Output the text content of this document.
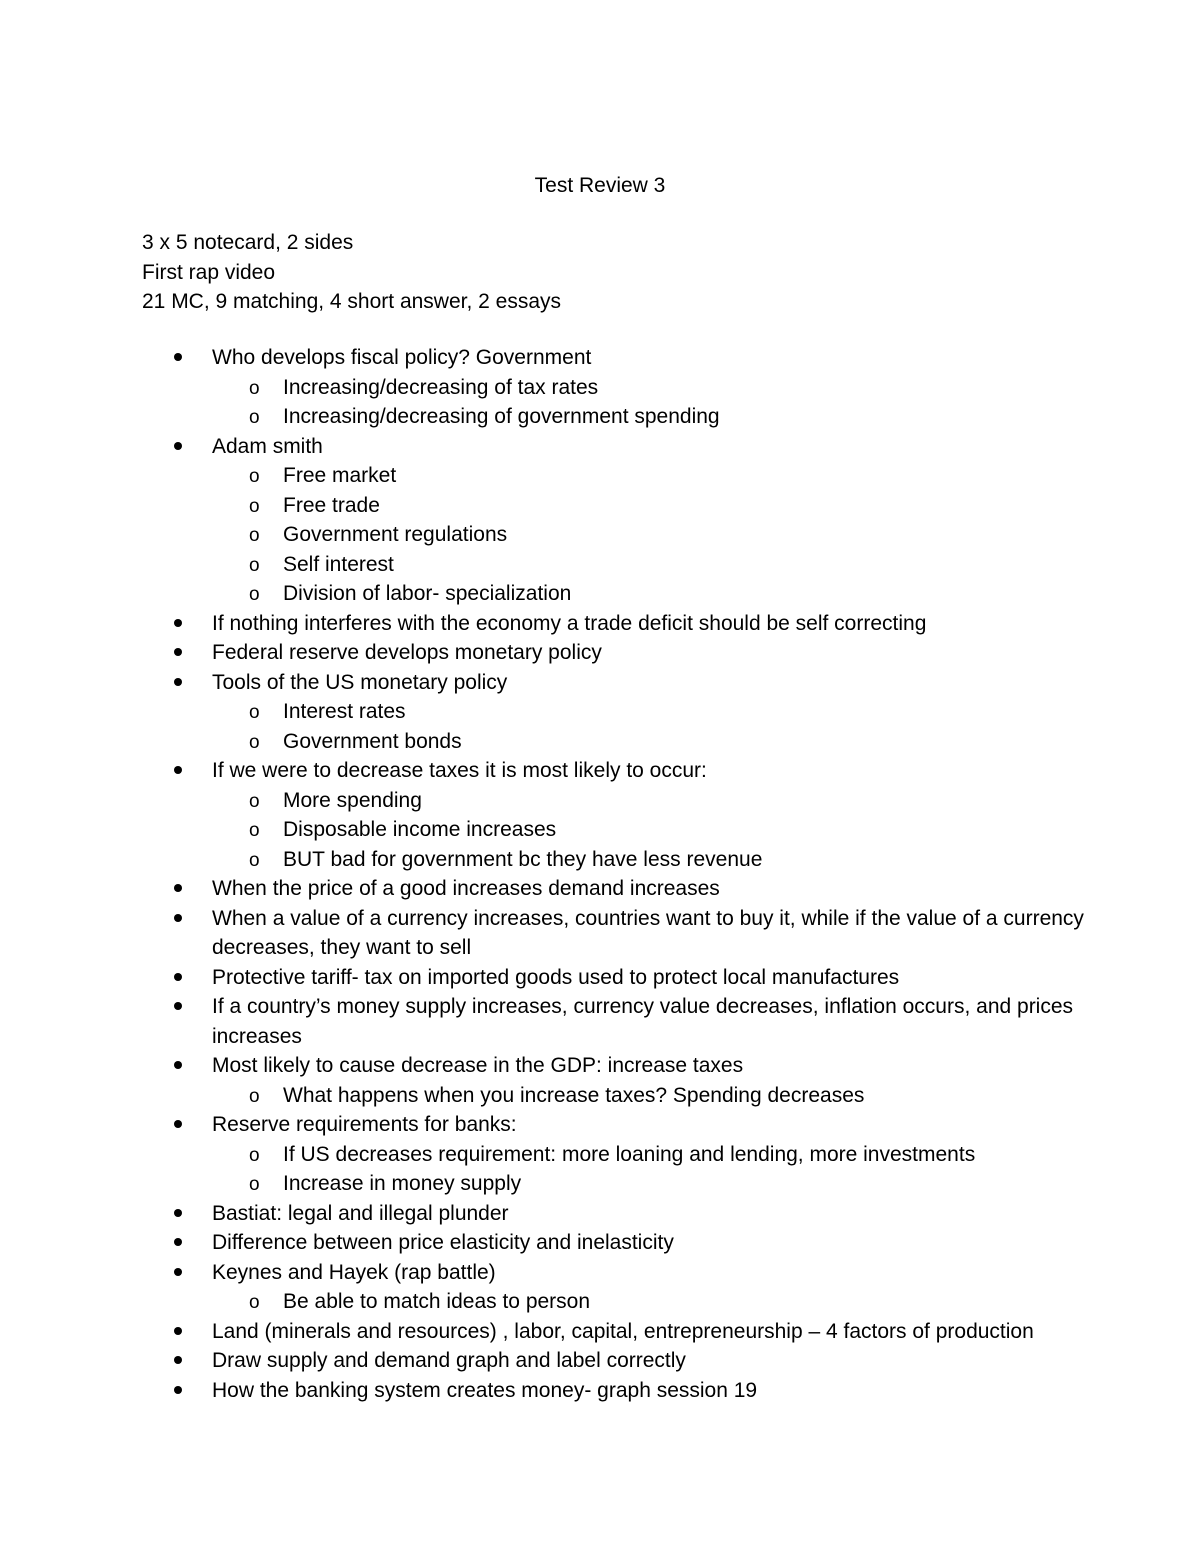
Test Review 3
3 x 5 notecard, 2 sides
First rap video
21 MC, 9 matching, 4 short answer, 2 essays
Who develops fiscal policy? Government
o	Increasing/decreasing of tax rates
o	Increasing/decreasing of government spending
Adam smith
o	Free market
o	Free trade
o	Government regulations
o	Self interest
o	Division of labor- specialization
If nothing interferes with the economy a trade deficit should be self correcting
Federal reserve develops monetary policy
Tools of the US monetary policy
o	Interest rates
o	Government bonds
If we were to decrease taxes it is most likely to occur:
o	More spending
o	Disposable income increases
o	BUT bad for government bc they have less revenue
When the price of a good increases demand increases
When a value of a currency increases, countries want to buy it, while if the value of a currency decreases, they want to sell
Protective tariff- tax on imported goods used to protect local manufactures
If a country’s money supply increases, currency value decreases, inflation occurs, and prices increases
Most likely to cause decrease in the GDP: increase taxes
o	What happens when you increase taxes? Spending decreases
Reserve requirements for banks:
o	If US decreases requirement: more loaning and lending, more investments
o	Increase in money supply
Bastiat: legal and illegal plunder
Difference between price elasticity and inelasticity
Keynes and Hayek (rap battle)
o	Be able to match ideas to person
Land (minerals and resources) , labor, capital, entrepreneurship – 4 factors of production
Draw supply and demand graph and label correctly
How the banking system creates money- graph session 19
